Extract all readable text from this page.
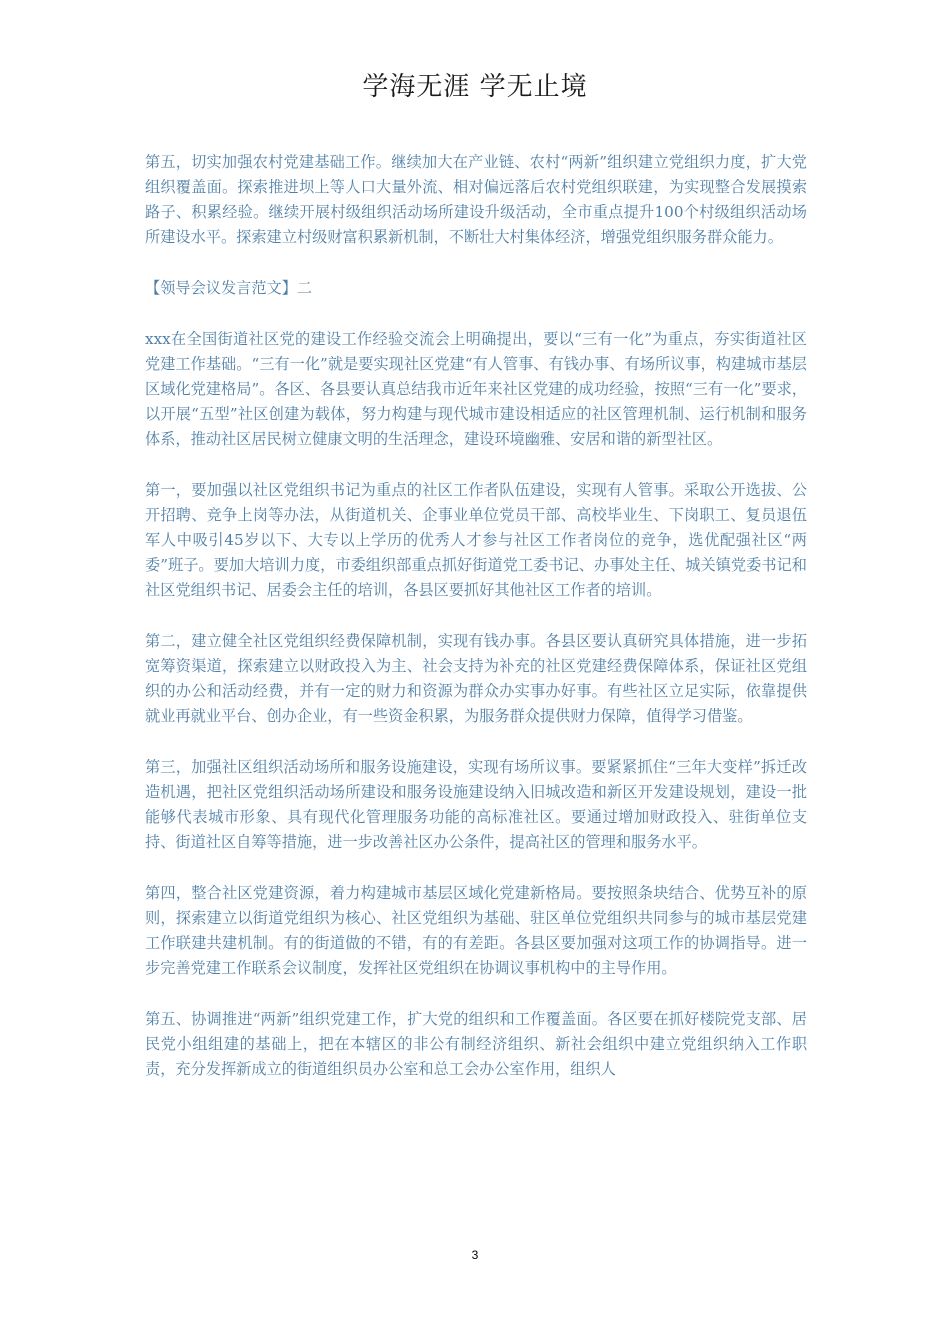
学海无涯 学无止境

第五，切实加强农村党建基础工作。继续加大在产业链、农村“两新”组织建立党组织力度，扩大党组织覆盖面。探索推进坝上等人口大量外流、相对偏远落后农村党组织联建，为实现整合发展摸索路子、积累经验。继续开展村级组织活动场所建设升级活动，全市重点提升100个村级组织活动场所建设水平。探索建立村级财富积累新机制，不断壮大村集体经济，增强党组织服务群众能力。

【领导会议发言范文】二

xxx在全国街道社区党的建设工作经验交流会上明确提出，要以“三有一化”为重点，夯实街道社区党建工作基础。“三有一化”就是要实现社区党建“有人管事、有钱办事、有场所议事，构建城市基层区域化党建格局”。各区、各县要认真总结我市近年来社区党建的成功经验，按照“三有一化”要求，以开展“五型”社区创建为载体，努力构建与现代城市建设相适应的社区管理机制、运行机制和服务体系，推动社区居民树立健康文明的生活理念，建设环境幽雅、安居和谐的新型社区。

第一，要加强以社区党组织书记为重点的社区工作者队伍建设，实现有人管事。采取公开选拔、公开招聘、竞争上岗等办法，从街道机关、企事业单位党员干部、高校毕业生、下岗职工、复员退伍军人中吸引45岁以下、大专以上学历的优秀人才参与社区工作者岗位的竞争，选优配强社区“两委”班子。要加大培训力度，市委组织部重点抓好街道党工委书记、办事处主任、城关镇党委书记和社区党组织书记、居委会主任的培训，各县区要抓好其他社区工作者的培训。

第二，建立健全社区党组织经费保障机制，实现有钱办事。各县区要认真研究具体措施，进一步拓宽筹资渠道，探索建立以财政投入为主、社会支持为补充的社区党建经费保障体系，保证社区党组织的办公和活动经费，并有一定的财力和资源为群众办实事办好事。有些社区立足实际，依靠提供就业再就业平台、创办企业，有一些资金积累，为服务群众提供财力保障，值得学习借鉴。

第三，加强社区组织活动场所和服务设施建设，实现有场所议事。要紧紧抓住“三年大变样”拆迁改造机遇，把社区党组织活动场所建设和服务设施建设纳入旧城改造和新区开发建设规划，建设一批能够代表城市形象、具有现代化管理服务功能的高标准社区。要通过增加财政投入、驻街单位支持、街道社区自筹等措施，进一步改善社区办公条件，提高社区的管理和服务水平。

第四，整合社区党建资源，着力构建城市基层区域化党建新格局。要按照条块结合、优势互补的原则，探索建立以街道党组织为核心、社区党组织为基础、驻区单位党组织共同参与的城市基层党建工作联建共建机制。有的街道做的不错，有的有差距。各县区要加强对这项工作的协调指导。进一步完善党建工作联系会议制度，发挥社区党组织在协调议事机构中的主导作用。

第五、协调推进“两新”组织党建工作，扩大党的组织和工作覆盖面。各区要在抓好楼院党支部、居民党小组组建的基础上，把在本辖区的非公有制经济组织、新社会组织中建立党组织纳入工作职责，充分发挥新成立的街道组织员办公室和总工会办公室作用，组织人

3
